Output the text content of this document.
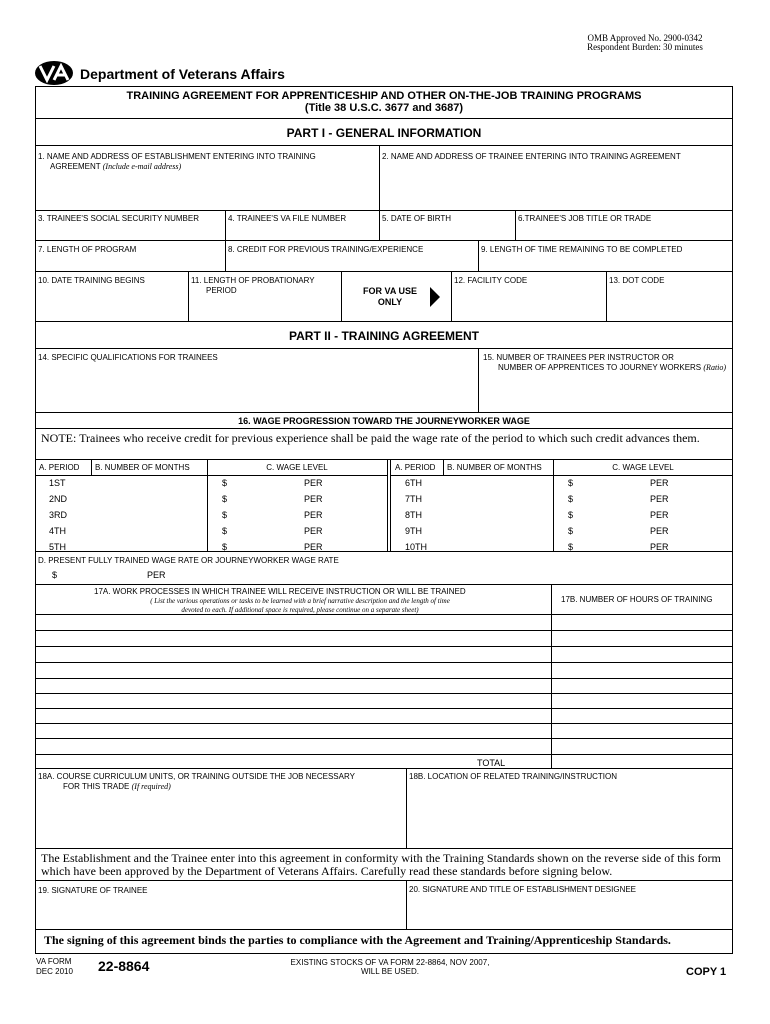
OMB Approved No. 2900-0342
Respondent Burden: 30 minutes
Department of Veterans Affairs
TRAINING AGREEMENT FOR APPRENTICESHIP AND OTHER ON-THE-JOB TRAINING PROGRAMS
(Title 38 U.S.C. 3677 and 3687)
PART I - GENERAL INFORMATION
1. NAME AND ADDRESS OF ESTABLISHMENT ENTERING INTO TRAINING
AGREEMENT (Include e-mail address)
2. NAME AND ADDRESS OF TRAINEE ENTERING INTO TRAINING AGREEMENT
3. TRAINEE'S SOCIAL SECURITY NUMBER	4. TRAINEE'S VA FILE NUMBER	5. DATE OF BIRTH	6.TRAINEE'S JOB TITLE OR TRADE
7. LENGTH OF PROGRAM	8. CREDIT FOR PREVIOUS TRAINING/EXPERIENCE	9. LENGTH OF TIME REMAINING TO BE COMPLETED
10. DATE TRAINING BEGINS	11. LENGTH OF PROBATIONARY
PERIOD	FOR VA USE
ONLY
12. FACILITY CODE	13. DOT CODE
PART II - TRAINING AGREEMENT
14. SPECIFIC QUALIFICATIONS FOR TRAINEES	15. NUMBER OF TRAINEES PER INSTRUCTOR OR
NUMBER OF APPRENTICES TO JOURNEY WORKERS (Ratio)
16. WAGE PROGRESSION TOWARD THE JOURNEYWORKER WAGE
NOTE: Trainees who receive credit for previous experience shall be paid the wage rate of the period to which such credit advances them.
A. PERIOD B. NUMBER OF MONTHS	C. WAGE LEVEL
1ST	$	PER
2ND	$	PER
3RD	$	PER
4TH	$	PER
5TH	$	PER
A. PERIOD B. NUMBER OF MONTHS	C. WAGE LEVEL
6TH	$	PER
7TH	$	PER
8TH	$	PER
9TH	$	PER
10TH	$	PER
D. PRESENT FULLY TRAINED WAGE RATE OR JOURNEYWORKER WAGE RATE
$	PER
17A. WORK PROCESSES IN WHICH TRAINEE WILL RECEIVE INSTRUCTION OR WILL BE TRAINED
( List the various operations or tasks to be learned with a brief narrative description and the length of time
devoted to each. If additional space is required, please continue on a separate sheet)
17B. NUMBER OF HOURS OF TRAINING
TOTAL
18A. COURSE CURRICULUM UNITS, OR TRAINING OUTSIDE THE JOB NECESSARY
FOR THIS TRADE (If required)
18B. LOCATION OF RELATED TRAINING/INSTRUCTION
The Establishment and the Trainee enter into this agreement in conformity with the Training Standards shown on the reverse side of this form which have been approved by the Department of Veterans Affairs. Carefully read these standards before signing below.
19. SIGNATURE OF TRAINEE	20. SIGNATURE AND TITLE OF ESTABLISHMENT DESIGNEE
The signing of this agreement binds the parties to compliance with the Agreement and Training/Apprenticeship Standards.
VA FORM
DEC 2010 22-8864	EXISTING STOCKS OF VA FORM 22-8864, NOV 2007,
WILL BE USED.	COPY 1
